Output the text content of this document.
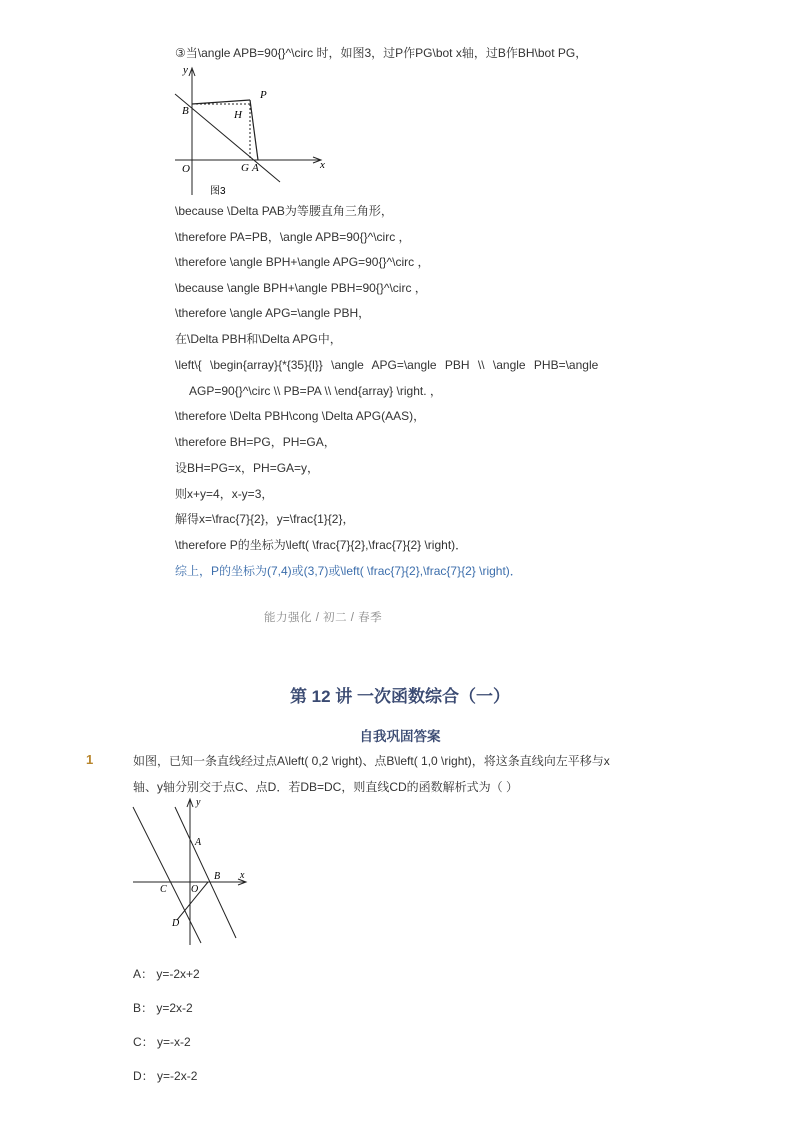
③当\angle APB=90{}^\circ 时，如图3，过P作PG\bot x轴，过B作BH\bot PG，
y
x
O
B
P
H
G A
图3
\because \Delta PAB为等腰直角三角形，
\therefore PA=PB，\angle APB=90{}^\circ ，
\therefore \angle BPH+\angle APG=90{}^\circ ，
\because \angle BPH+\angle PBH=90{}^\circ ，
\therefore \angle APG=\angle PBH，
在\Delta PBH和\Delta APG中，
\left\{ \begin{array}{*{35}{l}} \angle APG=\angle PBH \\ \angle PHB=\angle
AGP=90{}^\circ \\ PB=PA \\ \end{array} \right. ，
\therefore \Delta PBH\cong \Delta APG(AAS)，
\therefore BH=PG，PH=GA，
设BH=PG=x，PH=GA=y，
则x+y=4，x-y=3，
解得x=\frac{7}{2}，y=\frac{1}{2}，
\therefore P的坐标为\left( \frac{7}{2},\frac{7}{2} \right)．
综上，P的坐标为(7,4)或(3,7)或\left( \frac{7}{2},\frac{7}{2} \right)．
能力强化 / 初二 / 春季
第 12 讲 一次函数综合（一）
自我巩固答案
1	如图，已知一条直线经过点A\left( 0,2 \right)、点B\left( 1,0 \right)，将这条直线向左平移与x
轴、y轴分别交于点C、点D．若DB=DC，则直线CD的函数解析式为（ ）
y
x
A
B
C O
D
A： y=-2x+2
B： y=2x-2
C： y=-x-2
D： y=-2x-2
